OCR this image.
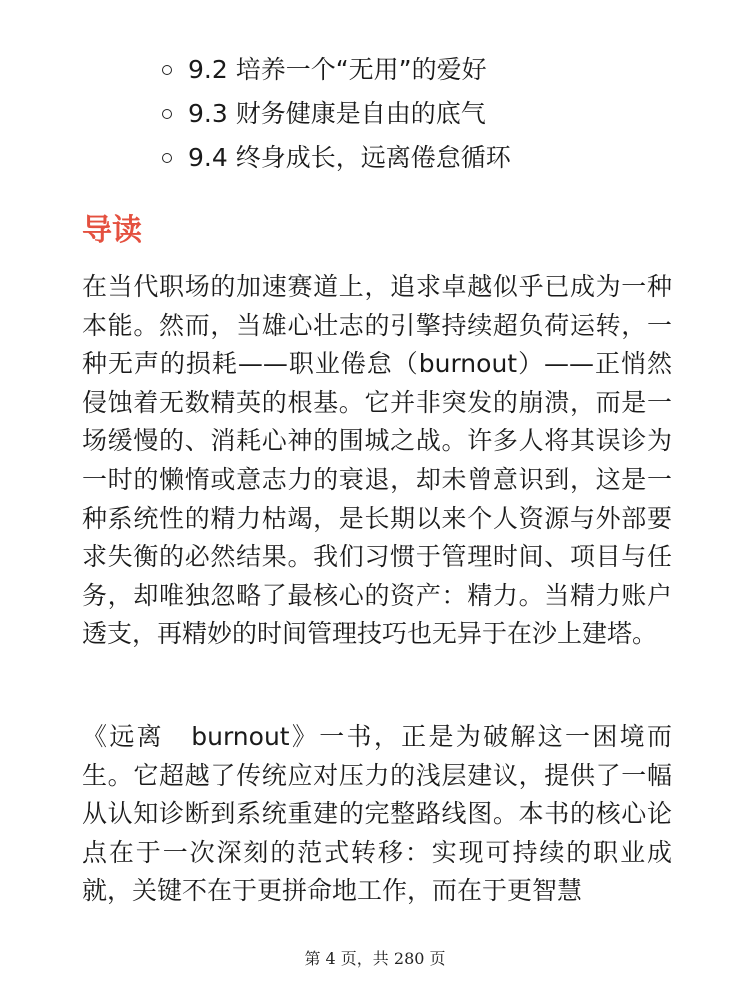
9.2 培养一个“无用”的爱好
9.3 财务健康是自由的底气
9.4 终身成长，远离倦怠循环
导读

在当代职场的加速赛道上，追求卓越似乎已成为一种本能。然而，当雄心壮志的引擎持续超负荷运转，一种无声的损耗——职业倦怠（burnout）——正悄然侵蚀着无数精英的根基。它并非突发的崩溃，而是一场缓慢的、消耗心神的围城之战。许多人将其误诊为一时的懒惰或意志力的衰退，却未曾意识到，这是一种系统性的精力枯竭，是长期以来个人资源与外部要求失衡的必然结果。我们习惯于管理时间、项目与任务，却唯独忽略了最核心的资产：精力。当精力账户透支，再精妙的时间管理技巧也无异于在沙上建塔。

《远离　burnout》一书，正是为破解这一困境而生。它超越了传统应对压力的浅层建议，提供了一幅从认知诊断到系统重建的完整路线图。本书的核心论点在于一次深刻的范式转移：实现可持续的职业成就，关键不在于更拼命地工作，而在于更智慧

第 4 页，共 280 页
